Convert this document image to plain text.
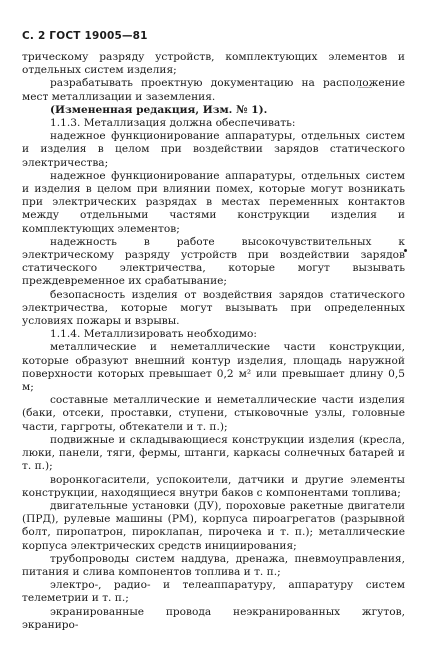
С. 2 ГОСТ 19005—81

трическому разряду устройств, комплектующих элементов и отдельных систем изделия;

разрабатывать проектную документацию на расположение мест металлизации и заземления.

(Измененная редакция, Изм. № 1).

1.1.3. Металлизация должна обеспечивать:

надежное функционирование аппаратуры, отдельных систем и изделия в целом при воздействии зарядов статического электричества;

надежное функционирование аппаратуры, отдельных систем и изделия в целом при влиянии помех, которые могут возникать при электрических разрядах в местах переменных контактов между отдельными частями конструкции изделия и комплектующих элементов;

надежность в работе высокочувствительных к электрическому разряду устройств при воздействии зарядов статического электричества, которые могут вызывать преждевременное их срабатывание;

безопасность изделия от воздействия зарядов статического электричества, которые могут вызывать при определенных условиях пожары и взрывы.

1.1.4. Металлизировать необходимо:

металлические и неметаллические части конструкции, которые образуют внешний контур изделия, площадь наружной поверхности которых превышает 0,2 м² или превышает длину 0,5 м;

составные металлические и неметаллические части изделия (баки, отсеки, проставки, ступени, стыковочные узлы, головные части, гаргроты, обтекатели и т. п.);

подвижные и складывающиеся конструкции изделия (кресла, люки, панели, тяги, фермы, штанги, каркасы солнечных батарей и т. п.);

воронкогасители, успокоители, датчики и другие элементы конструкции, находящиеся внутри баков с компонентами топлива;

двигательные установки (ДУ), пороховые ракетные двигатели (ПРД), рулевые машины (РМ), корпуса пироагрегатов (разрывной болт, пиропатрон, пироклапан, пирочека и т. п.); металлические корпуса электрических средств инициирования;

трубопроводы систем наддува, дренажа, пневмоуправления, питания и слива компонентов топлива и т. п.;

электро-, радио- и телеаппаратуру, аппаратуру систем телеметрии и т. п.;

экранированные провода неэкранированных жгутов, экраниро-
